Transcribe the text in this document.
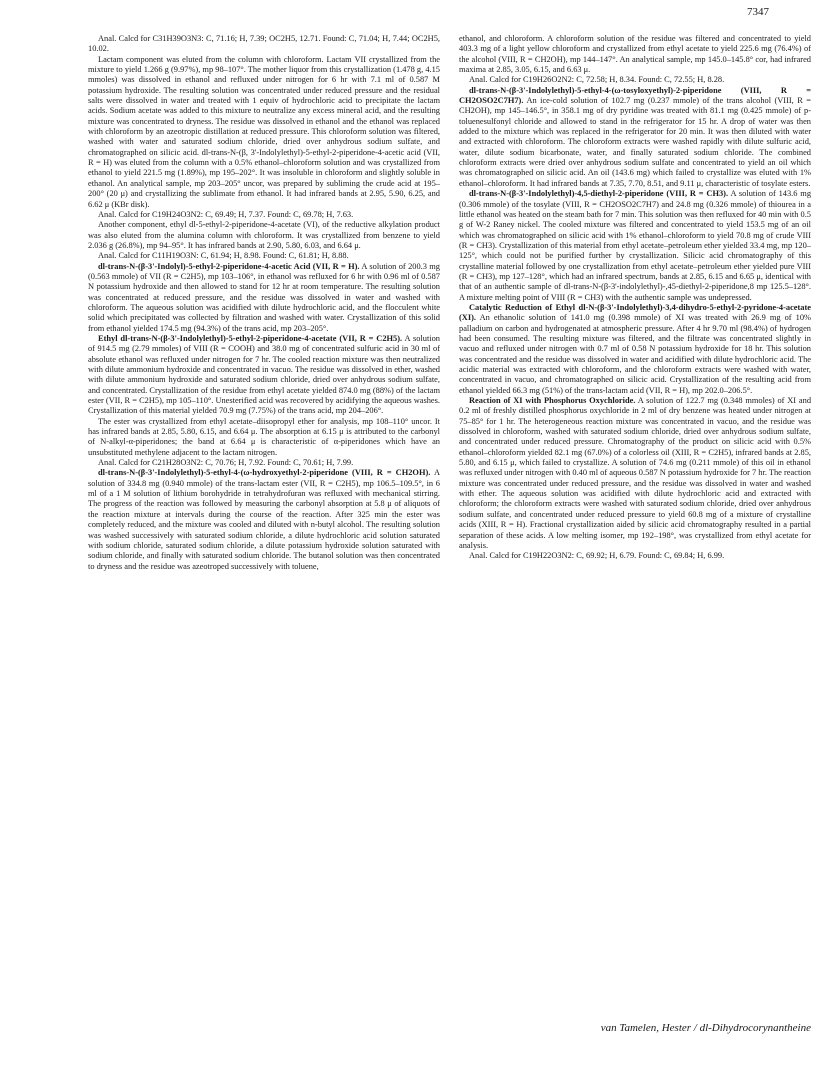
7347

Anal. Calcd for C31H39O3N3: C, 71.16; H, 7.39; OC2H5, 12.71. Found: C, 71.04; H, 7.44; OC2H5, 10.02.

Lactam component was eluted from the column with chloroform. Lactam VII crystallized from the mixture to yield 1.266 g (9.97%), mp 98–107°. The mother liquor from this crystallization (1.478 g, 4.15 mmoles) was dissolved in ethanol and refluxed under nitrogen for 6 hr with 7.1 ml of 0.587 M potassium hydroxide. The resulting solution was concentrated under reduced pressure and the residual salts were dissolved in water and treated with 1 equiv of hydrochloric acid to precipitate the lactam acids. Sodium acetate was added to this mixture to neutralize any excess mineral acid, and the resulting mixture was concentrated to dryness. The residue was dissolved in ethanol and the ethanol was replaced with chloroform by an azeotropic distillation at reduced pressure. This chloroform solution was filtered, washed with water and saturated sodium chloride, dried over anhydrous sodium sulfate, and chromatographed on silicic acid. dl-trans-N-(β, 3'-Indolylethyl)-5-ethyl-2-piperidone-4-acetic acid (VII, R = H) was eluted from the column with a 0.5% ethanol–chloroform solution and was crystallized from ethanol to yield 221.5 mg (1.89%), mp 195–202°. It was insoluble in chloroform and slightly soluble in ethanol. An analytical sample, mp 203–205° uncor, was prepared by subliming the crude acid at 195–200° (20 μ) and crystallizing the sublimate from ethanol. It had infrared bands at 2.95, 5.90, 6.25, and 6.62 μ (KBr disk).

Anal. Calcd for C19H24O3N2: C, 69.49; H, 7.37. Found: C, 69.78; H, 7.63.

Another component, ethyl dl-5-ethyl-2-piperidone-4-acetate (VI), of the reductive alkylation product was also eluted from the alumina column with chloroform. It was crystallized from benzene to yield 2.036 g (26.8%), mp 94–95°. It has infrared bands at 2.90, 5.80, 6.03, and 6.64 μ.

Anal. Calcd for C11H19O3N: C, 61.94; H, 8.98. Found: C, 61.81; H, 8.88.

dl-trans-N-(β-3'-Indolyl)-5-ethyl-2-piperidone-4-acetic Acid (VII, R = H). A solution of 200.3 mg (0.563 mmole) of VII (R = C2H5), mp 103–106°, in ethanol was refluxed for 6 hr with 0.96 ml of 0.587 N potassium hydroxide and then allowed to stand for 12 hr at room temperature. The resulting solution was concentrated at reduced pressure, and the residue was dissolved in water and washed with chloroform. The aqueous solution was acidified with dilute hydrochloric acid, and the flocculent white solid which precipitated was collected by filtration and washed with water. Crystallization of this solid from ethanol yielded 174.5 mg (94.3%) of the trans acid, mp 203–205°.

Ethyl dl-trans-N-(β-3'-Indolylethyl)-5-ethyl-2-piperidone-4-acetate (VII, R = C2H5). A solution of 914.5 mg (2.79 mmoles) of VIII (R = COOH) and 38.0 mg of concentrated sulfuric acid in 30 ml of absolute ethanol was refluxed under nitrogen for 7 hr. The cooled reaction mixture was then neutralized with dilute ammonium hydroxide and concentrated in vacuo. The residue was dissolved in ether, washed with dilute ammonium hydroxide and saturated sodium chloride, dried over anhydrous sodium sulfate, and concentrated. Crystallization of the residue from ethyl acetate yielded 874.0 mg (88%) of the lactam ester (VII, R = C2H5), mp 105–110°. Unesterified acid was recovered by acidifying the aqueous washes. Crystallization of this material yielded 70.9 mg (7.75%) of the trans acid, mp 204–206°.

The ester was crystallized from ethyl acetate–diisopropyl ether for analysis, mp 108–110° uncor. It has infrared bands at 2.85, 5.80, 6.15, and 6.64 μ. The absorption at 6.15 μ is attributed to the carbonyl of N-alkyl-α-piperidones; the band at 6.64 μ is characteristic of α-piperidones which have an unsubstituted methylene adjacent to the lactam nitrogen.

Anal. Calcd for C21H28O3N2: C, 70.76; H, 7.92. Found: C, 70.61; H, 7.99.

dl-trans-N-(β-3'-Indolylethyl)-5-ethyl-4-(ω-hydroxyethyl-2-piperidone (VIII, R = CH2OH). A solution of 334.8 mg (0.940 mmole) of the trans-lactam ester (VII, R = C2H5), mp 106.5–109.5°, in 6 ml of a 1 M solution of lithium borohydride in tetrahydrofuran was refluxed with mechanical stirring. The progress of the reaction was followed by measuring the carbonyl absorption at 5.8 μ of aliquots of the reaction mixture at intervals during the course of the reaction. After 325 min the ester was completely reduced, and the mixture was cooled and diluted with n-butyl alcohol. The resulting solution was washed successively with saturated sodium chloride, a dilute hydrochloric acid solution saturated with sodium chloride, saturated sodium chloride, a dilute potassium hydroxide solution saturated with sodium chloride, and finally with saturated sodium chloride. The butanol solution was then concentrated to dryness and the residue was azeotroped successively with toluene,

ethanol, and chloroform. A chloroform solution of the residue was filtered and concentrated to yield 403.3 mg of a light yellow chloroform and crystallized from ethyl acetate to yield 225.6 mg (76.4%) of the alcohol (VIII, R = CH2OH), mp 144–147°. An analytical sample, mp 145.0–145.8° cor, had infrared maxima at 2.85, 3.05, 6.15, and 6.63 μ.

Anal. Calcd for C19H26O2N2: C, 72.58; H, 8.34. Found: C, 72.55; H, 8.28.

dl-trans-N-(β-3'-Indolylethyl)-5-ethyl-4-(ω-tosyloxyethyl)-2-piperidone (VIII, R = CH2OSO2C7H7). An ice-cold solution of 102.7 mg (0.237 mmole) of the trans alcohol (VIII, R = CH2OH), mp 145–146.5°, in 358.1 mg of dry pyridine was treated with 81.1 mg (0.425 mmole) of p-toluenesulfonyl chloride and allowed to stand in the refrigerator for 15 hr. A drop of water was then added to the mixture which was replaced in the refrigerator for 20 min. It was then diluted with water and extracted with chloroform. The chloroform extracts were washed rapidly with dilute sulfuric acid, water, dilute sodium bicarbonate, water, and finally saturated sodium chloride. The combined chloroform extracts were dried over anhydrous sodium sulfate and concentrated to yield an oil which was chromatographed on silicic acid. An oil (143.6 mg) which failed to crystallize was eluted with 1% ethanol–chloroform. It had infrared bands at 7.35, 7.70, 8.51, and 9.11 μ, characteristic of tosylate esters.

dl-trans-N-(β-3'-Indolylethyl)-4,5-diethyl-2-piperidone (VIII, R = CH3). A solution of 143.6 mg (0.306 mmole) of the tosylate (VIII, R = CH2OSO2C7H7) and 24.8 mg (0.326 mmole) of thiourea in a little ethanol was heated on the steam bath for 7 min. This solution was then refluxed for 40 min with 0.5 g of W-2 Raney nickel. The cooled mixture was filtered and concentrated to yield 153.5 mg of an oil which was chromatographed on silicic acid with 1% ethanol–chloroform to yield 70.8 mg of crude VIII (R = CH3). Crystallization of this material from ethyl acetate–petroleum ether yielded 33.4 mg, mp 120–125°, which could not be purified further by crystallization. Silicic acid chromatography of this crystalline material followed by one crystallization from ethyl acetate–petroleum ether yielded pure VIII (R = CH3), mp 127–128°, which had an infrared spectrum, bands at 2.85, 6.15 and 6.65 μ, identical with that of an authentic sample of dl-trans-N-(β-3'-indolylethyl)-,45-diethyl-2-piperidone,8 mp 125.5–128°. A mixture melting point of VIII (R = CH3) with the authentic sample was undepressed.

Catalytic Reduction of Ethyl dl-N-(β-3'-Indolylethyl)-3,4-dihydro-5-ethyl-2-pyridone-4-acetate (XI). An ethanolic solution of 141.0 mg (0.398 mmole) of XI was treated with 26.9 mg of 10% palladium on carbon and hydrogenated at atmospheric pressure. After 4 hr 9.70 ml (98.4%) of hydrogen had been consumed. The resulting mixture was filtered, and the filtrate was concentrated slightly in vacuo and refluxed under nitrogen with 0.7 ml of 0.58 N potassium hydroxide for 18 hr. This solution was concentrated and the residue was dissolved in water and acidified with dilute hydrochloric acid. The acidic material was extracted with chloroform, and the chloroform extracts were washed with water, concentrated in vacuo, and chromatographed on silicic acid. Crystallization of the resulting acid from ethanol yielded 66.3 mg (51%) of the trans-lactam acid (VII, R = H), mp 202.0–206.5°.

Reaction of XI with Phosphorus Oxychloride. A solution of 122.7 mg (0.348 mmoles) of XI and 0.2 ml of freshly distilled phosphorus oxychloride in 2 ml of dry benzene was heated under nitrogen at 75–85° for 1 hr. The heterogeneous reaction mixture was concentrated in vacuo, and the residue was dissolved in chloroform, washed with saturated sodium chloride, dried over anhydrous sodium sulfate, and concentrated under reduced pressure. Chromatography of the product on silicic acid with 0.5% ethanol–chloroform yielded 82.1 mg (67.0%) of a colorless oil (XIII, R = C2H5), infrared bands at 2.85, 5.80, and 6.15 μ, which failed to crystallize. A solution of 74.6 mg (0.211 mmole) of this oil in ethanol was refluxed under nitrogen with 0.40 ml of aqueous 0.587 N potassium hydroxide for 7 hr. The reaction mixture was concentrated under reduced pressure, and the residue was dissolved in water and washed with ether. The aqueous solution was acidified with dilute hydrochloric acid and extracted with chloroform; the chloroform extracts were washed with saturated sodium chloride, dried over anhydrous sodium sulfate, and concentrated under reduced pressure to yield 60.8 mg of a mixture of crystalline acids (XIII, R = H). Fractional crystallization aided by silicic acid chromatography resulted in a partial separation of these acids. A low melting isomer, mp 192–198°, was crystallized from ethyl acetate for analysis.

Anal. Calcd for C19H22O3N2: C, 69.92; H, 6.79. Found: C, 69.84; H, 6.99.

van Tamelen, Hester / dl-Dihydrocorynantheine
